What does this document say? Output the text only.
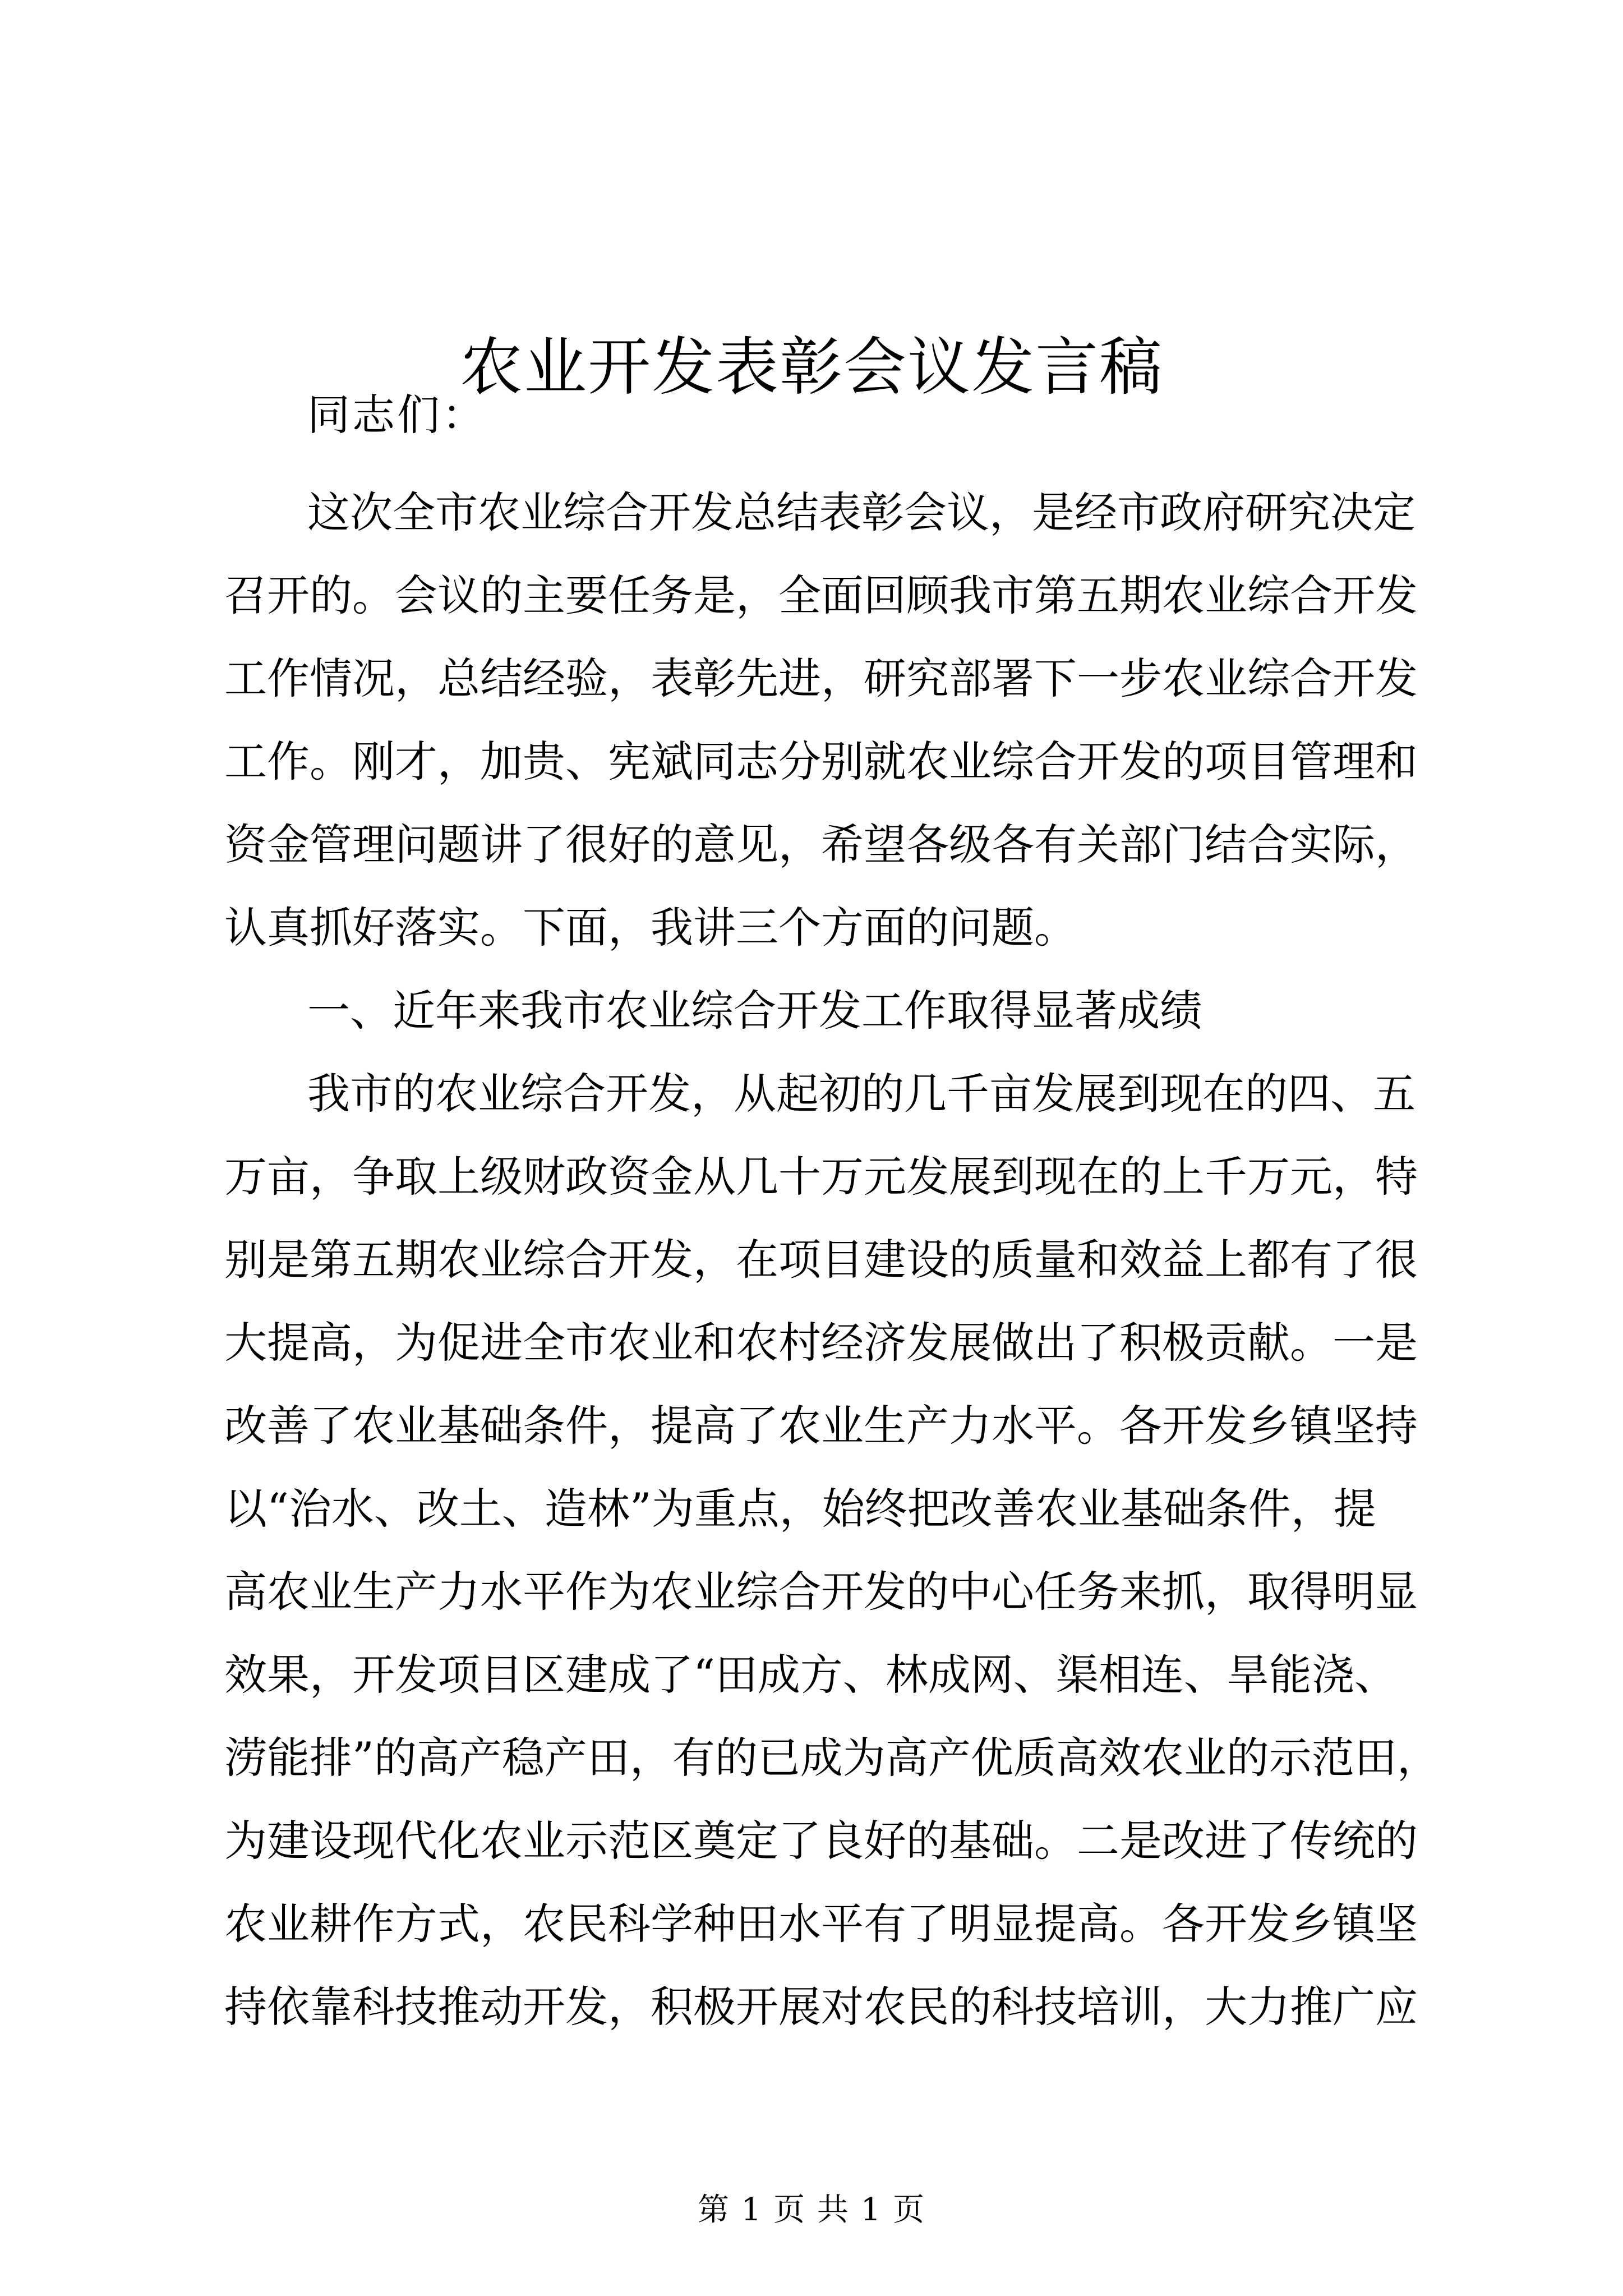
农业开发表彰会议发言稿
同志们：
这次全市农业综合开发总结表彰会议，是经市政府研究决定
召开的。会议的主要任务是，全面回顾我市第五期农业综合开发
工作情况，总结经验，表彰先进，研究部署下一步农业综合开发
工作。刚才，加贵、宪斌同志分别就农业综合开发的项目管理和
资金管理问题讲了很好的意见，希望各级各有关部门结合实际，
认真抓好落实。下面，我讲三个方面的问题。
一、近年来我市农业综合开发工作取得显著成绩
我市的农业综合开发，从起初的几千亩发展到现在的四、五
万亩，争取上级财政资金从几十万元发展到现在的上千万元，特
别是第五期农业综合开发，在项目建设的质量和效益上都有了很
大提高，为促进全市农业和农村经济发展做出了积极贡献。一是
改善了农业基础条件，提高了农业生产力水平。各开发乡镇坚持
以“治水、改土、造林”为重点，始终把改善农业基础条件，提
高农业生产力水平作为农业综合开发的中心任务来抓，取得明显
效果，开发项目区建成了“田成方、林成网、渠相连、旱能浇、
涝能排”的高产稳产田，有的已成为高产优质高效农业的示范田，
为建设现代化农业示范区奠定了良好的基础。二是改进了传统的
农业耕作方式，农民科学种田水平有了明显提高。各开发乡镇坚
持依靠科技推动开发，积极开展对农民的科技培训，大力推广应
第 1 页 共 1 页
